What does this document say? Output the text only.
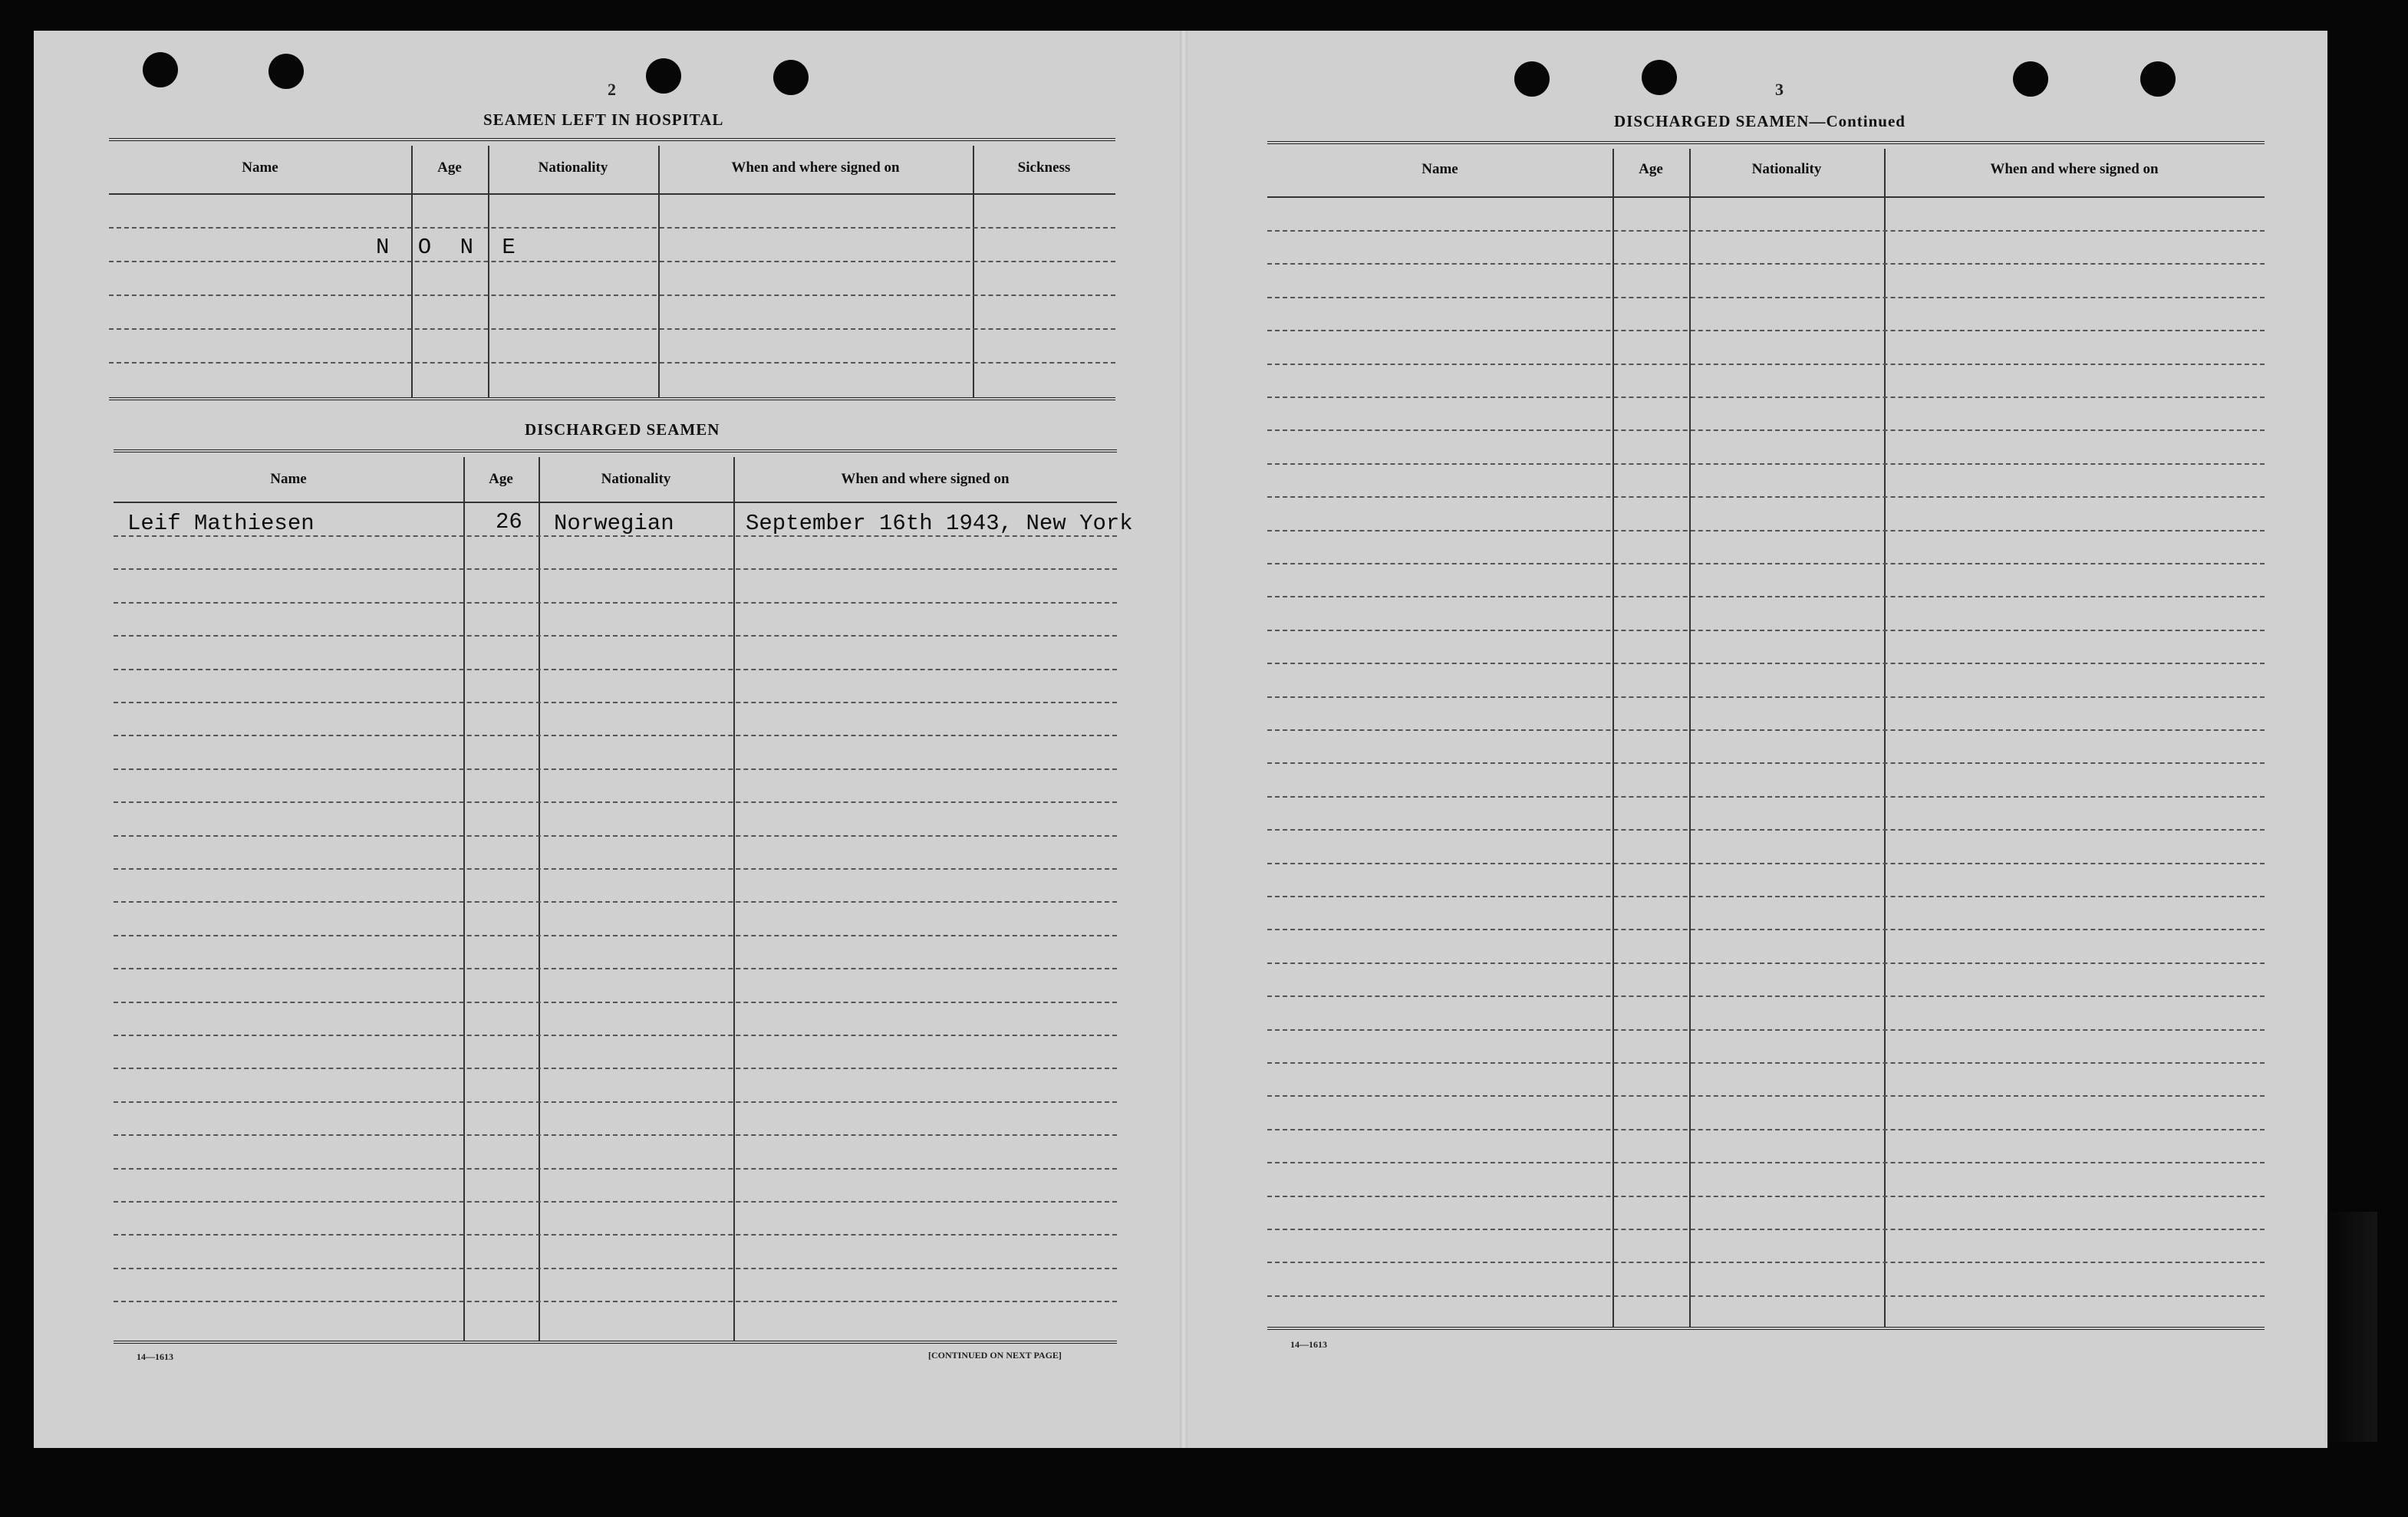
2
SEAMEN LEFT IN HOSPITAL
Name	Age	Nationality	When and where signed on	Sickness
N O N E
DISCHARGED SEAMEN
Name	Age	Nationality	When and where signed on
Leif Mathiesen	26 Norwegian	September 16th 1943, New York
14—1613	[CONTINUED ON NEXT PAGE]
3
DISCHARGED SEAMEN—Continued
Name	Age	Nationality	When and where signed on
14—1613
